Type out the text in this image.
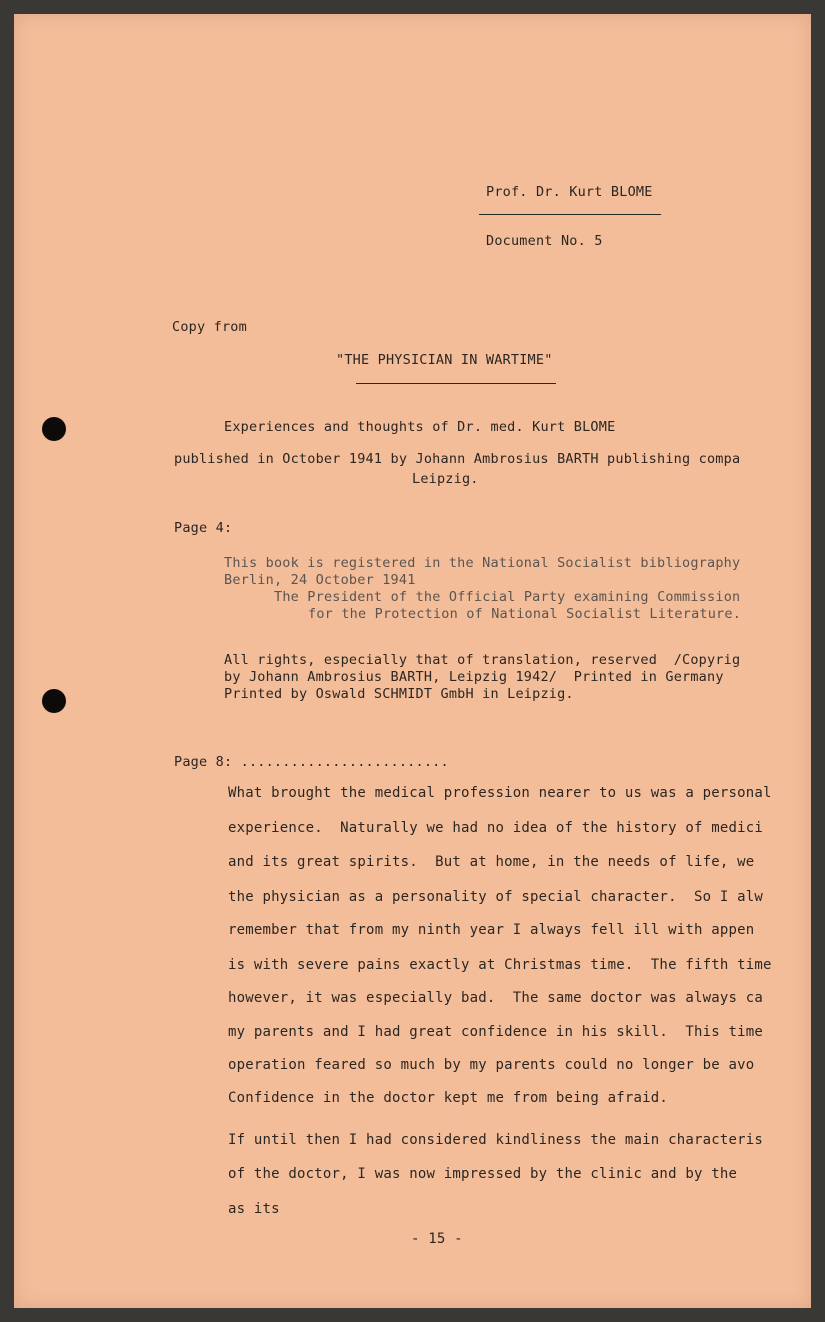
Prof. Dr. Kurt BLOME
Document No. 5
Copy from
"THE PHYSICIAN IN WARTIME"
Experiences and thoughts of Dr. med. Kurt BLOME
published in October 1941 by Johann Ambrosius BARTH publishing compa
Leipzig.
Page 4:
This book is registered in the National Socialist bibliography
Berlin, 24 October 1941
The President of the Official Party examining Commission
for the Protection of National Socialist Literature.
All rights, especially that of translation, reserved  /Copyrig
by Johann Ambrosius BARTH, Leipzig 1942/  Printed in Germany
Printed by Oswald SCHMIDT GmbH in Leipzig.
Page 8: .........................
What brought the medical profession nearer to us was a personal
experience.  Naturally we had no idea of the history of medici
and its great spirits.  But at home, in the needs of life, we
the physician as a personality of special character.  So I alw
remember that from my ninth year I always fell ill with appen
is with severe pains exactly at Christmas time.  The fifth time
however, it was especially bad.  The same doctor was always ca
my parents and I had great confidence in his skill.  This time
operation feared so much by my parents could no longer be avo
Confidence in the doctor kept me from being afraid.
If until then I had considered kindliness the main characteris
of the doctor, I was now impressed by the clinic and by the
as its
- 15 -
